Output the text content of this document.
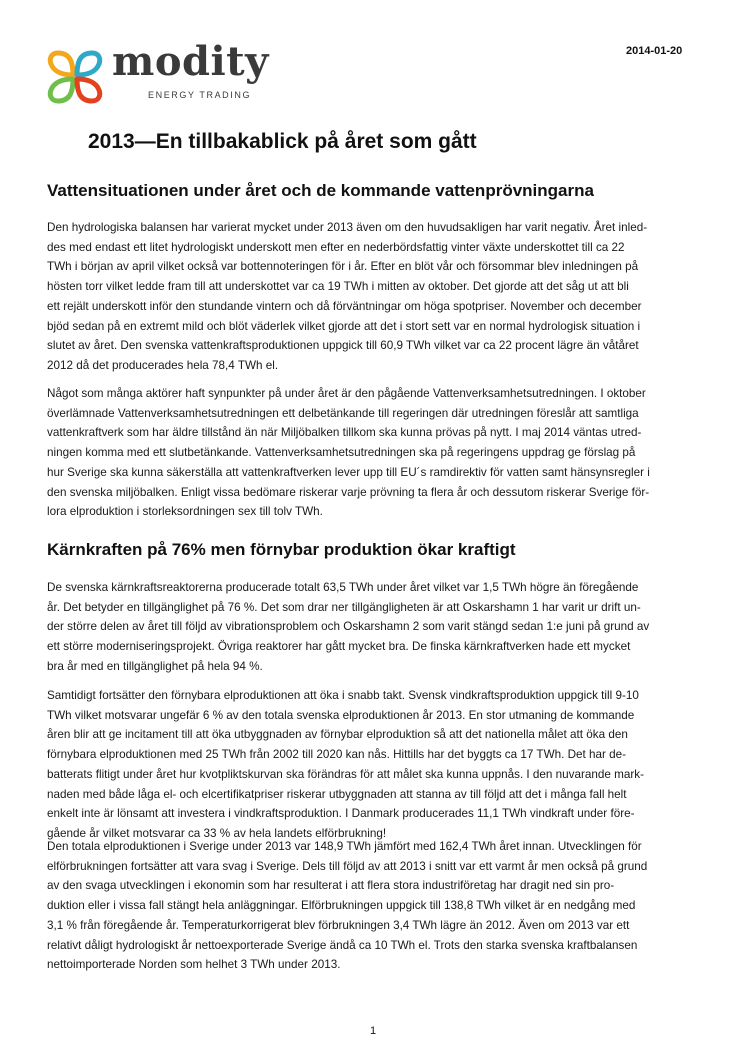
modity
ENERGY TRADING
2014-01-20
2013—En tillbakablick på året som gått
Vattensituationen under året och de kommande vattenprövningarna
Den hydrologiska balansen har varierat mycket under 2013 även om den huvudsakligen har varit negativ. Året inled-
des med endast ett litet hydrologiskt underskott men efter en nederbördsfattig vinter växte underskottet till ca 22
TWh i början av april vilket också var bottennoteringen för i år. Efter en blöt vår och försommar blev inledningen på
hösten torr vilket ledde fram till att underskottet var ca 19 TWh i mitten av oktober. Det gjorde att det såg ut att bli
ett rejält underskott inför den stundande vintern och då förväntningar om höga spotpriser. November och december
bjöd sedan på en extremt mild och blöt väderlek vilket gjorde att det i stort sett var en normal hydrologisk situation i
slutet av året. Den svenska vattenkraftsproduktionen uppgick till 60,9 TWh vilket var ca 22 procent lägre än våtåret
2012 då det producerades hela 78,4 TWh el.
Något som många aktörer haft synpunkter på under året är den pågående Vattenverksamhetsutredningen. I oktober
överlämnade Vattenverksamhetsutredningen ett delbetänkande till regeringen där utredningen föreslår att samtliga
vattenkraftverk som har äldre tillstånd än när Miljöbalken tillkom ska kunna prövas på nytt. I maj 2014 väntas utred-
ningen komma med ett slutbetänkande. Vattenverksamhetsutredningen ska på regeringens uppdrag ge förslag på
hur Sverige ska kunna säkerställa att vattenkraftverken lever upp till EU´s ramdirektiv för vatten samt hänsynsregler i
den svenska miljöbalken. Enligt vissa bedömare riskerar varje prövning ta flera år och dessutom riskerar Sverige för-
lora elproduktion i storleksordningen sex till tolv TWh.
Kärnkraften på 76% men förnybar produktion ökar kraftigt
De svenska kärnkraftsreaktorerna producerade totalt 63,5 TWh under året vilket var 1,5 TWh högre än föregående
år. Det betyder en tillgänglighet på 76 %. Det som drar ner tillgängligheten är att Oskarshamn 1 har varit ur drift un-
der större delen av året till följd av vibrationsproblem och Oskarshamn 2 som varit stängd sedan 1:e juni på grund av
ett större moderniseringsprojekt. Övriga reaktorer har gått mycket bra. De finska kärnkraftverken hade ett mycket
bra år med en tillgänglighet på hela 94 %.
Samtidigt fortsätter den förnybara elproduktionen att öka i snabb takt. Svensk vindkraftsproduktion uppgick till 9-10
TWh vilket motsvarar ungefär 6 % av den totala svenska elproduktionen år 2013. En stor utmaning de kommande
åren blir att ge incitament till att öka utbyggnaden av förnybar elproduktion så att det nationella målet att öka den
förnybara elproduktionen med 25 TWh från 2002 till 2020 kan nås. Hittills har det byggts ca 17 TWh. Det har de-
batterats flitigt under året hur kvotpliktskurvan ska förändras för att målet ska kunna uppnås. I den nuvarande mark-
naden med både låga el- och elcertifikatpriser riskerar utbyggnaden att stanna av till följd att det i många fall helt
enkelt inte är lönsamt att investera i vindkraftsproduktion. I Danmark producerades 11,1 TWh vindkraft under före-
gående år vilket motsvarar ca 33 % av hela landets elförbrukning!
Den totala elproduktionen i Sverige under 2013 var 148,9 TWh jämfört med 162,4 TWh året innan. Utvecklingen för
elförbrukningen fortsätter att vara svag i Sverige. Dels till följd av att 2013 i snitt var ett varmt år men också på grund
av den svaga utvecklingen i ekonomin som har resulterat i att flera stora industriföretag har dragit ned sin pro-
duktion eller i vissa fall stängt hela anläggningar. Elförbrukningen uppgick till 138,8 TWh vilket är en nedgång med
3,1 % från föregående år. Temperaturkorrigerat blev förbrukningen 3,4 TWh lägre än 2012. Även om 2013 var ett
relativt dåligt hydrologiskt år nettoexporterade Sverige ändå ca 10 TWh el. Trots den starka svenska kraftbalansen
nettoimporterade Norden som helhet 3 TWh under 2013.
1
